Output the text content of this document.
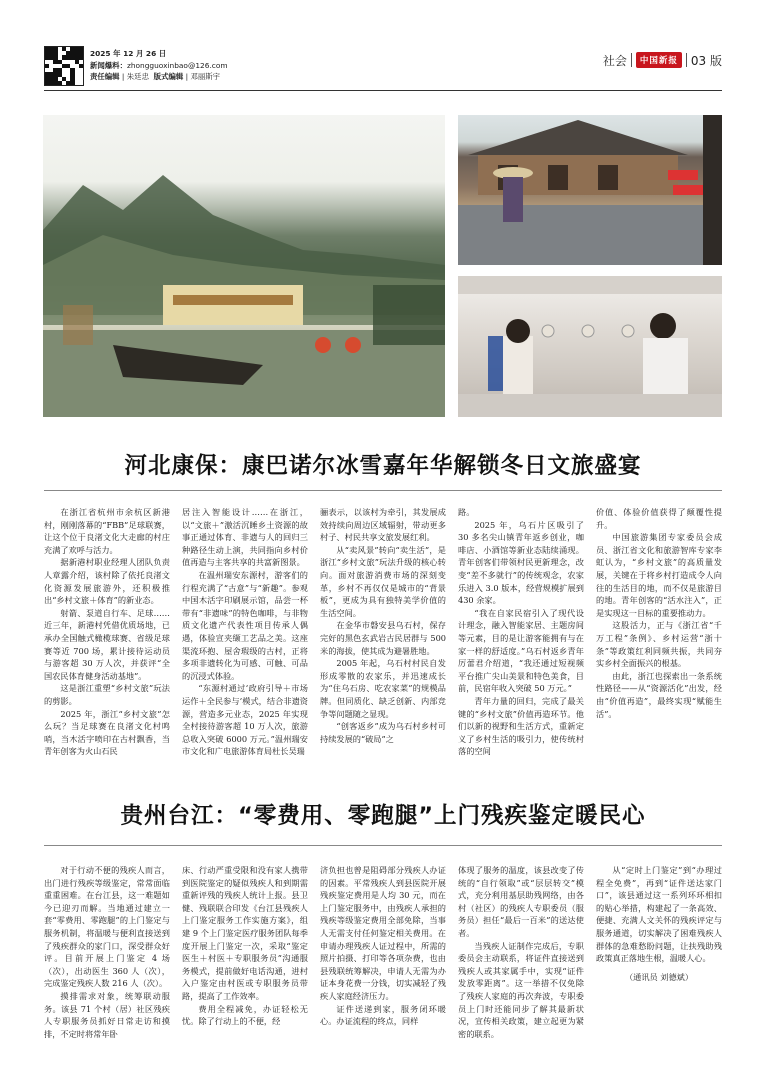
2025 年 12 月 26 日
新闻爆料：zhongguoxinbao@126.com
责任编辑 | 朱廷忠 版式编辑 | 邓丽斯宇
社会	中国新报	03 版
河北康保：康巴诺尔冰雪嘉年华解锁冬日文旅盛宴

在浙江省杭州市余杭区新港村，刚刚落幕的“FBB”足球联赛，让这个位于良渚文化大走廊的村庄充满了欢呼与活力。

据新港村职业经理人团队负责人章露介绍，该村除了依托良渚文化资源发展旅游外，还积极推出“乡村文旅＋体育”的新业态。

射箭、泵道自行车、足球……近三年，新港村凭借优质场地，已承办全国触式橄榄球赛、省级足球赛等近 700 场，累计接待运动员与游客超 30 万人次，并获评“全国农民体育健身活动基地”。

这是浙江重塑“乡村文旅”玩法的剪影。

2025 年，浙江“乡村文旅”怎么玩？当足球赛在良渚文化村鸣哨，当木活字喷印在古村飘香，当青年创客为火山石民

居注入智能设计……在浙江，以“文旅＋”激活沉睡乡土资源的故事正通过体育、非遗与人的回归三种路径生动上演，共同指向乡村价值再造与主客共享的共富新图景。

在温州瑞安东源村，游客们的行程充满了“古意”与“新趣”。参观中国木活字印刷展示馆，品尝一杯带有“非遗味”的特色咖啡，与非物质文化遗产代表性项目传承人偶遇，体验宣夹缬工艺品之美。这座渠流环抱、屋舍瑕级的古村，正将多项非遗转化为可感、可触、可品的沉浸式体验。

“东源村通过‘政府引导＋市场运作＋全民参与’模式，结合非遗资源，营造多元业态，2025 年实现全村接待游客超 10 万人次，旅游总收入突破 6000 万元。”温州瑞安市文化和广电旅游体育局杜长吴瑞

骊表示，以该村为牵引，其发展成效持续向周边区域辐射，带动更多村子、村民共享文旅发展红利。

从“卖风景”转向“卖生活”，是浙江“乡村文旅”玩法升级的核心转向。面对旅游消费市场的深刻变革，乡村不再仅仅是城市的“背景板”，更成为具有独特美学价值的生活空间。

在金华市磐安县乌石村，保存完好的黑色玄武岩古民居群与 500 米的海拔，使其成为避暑胜地。

2005 年起，乌石村村民自发形成零散的农家乐，并迅速成长为“住乌石房、吃农家菜”的规模品牌。但同质化、缺乏创新、内部竞争等问题随之显现。

“创客返乡”成为乌石村乡村可持续发展的“破局”之

路。

2025 年，乌石片区吸引了 30 多名尖山镇青年返乡创业，咖啡店、小酒馆等新业态陆续涌现。青年创客们带领村民更新理念，改变“差不多就行”的传统观念，农家乐进入 3.0 版本，经营规模扩展到 430 余家。

“我在自家民宿引入了现代设计理念，融入智能家居、主题房间等元素，目的是让游客能拥有与在家一样的舒适度。”乌石村返乡青年厉蕾君介绍道，“我还通过短视频平台推广尖山美景和特色美食，目前，民宿年收入突破 50 万元。”

青年力量的回归，完成了最关键的“乡村文旅”价值再造环节。他们以新的视野和生活方式，重新定义了乡村生活的吸引力，使传统村落的空间

价值、体验价值获得了颠覆性提升。

中国旅游集团专家委员会成员、浙江省文化和旅游智库专家李虹认为，“乡村文旅”的高质量发展，关键在于将乡村打造成令人向往的生活目的地，而不仅是旅游目的地。青年创客的“活水注入”，正是实现这一目标的重要推动力。

这股活力，正与《浙江省“千万工程”条例》、乡村运营“浙十条”等政策红利同频共振，共同夯实乡村全面振兴的根基。

由此，浙江也探索出一条系统性路径——从“资源活化”出发，经由“价值再造”，最终实现“赋能生活”。

贵州台江：“零费用、零跑腿”上门残疾鉴定暖民心

对于行动不便的残疾人而言，出门进行残疾等级鉴定，常常面临重重困难。在台江县，这一难题如今已迎刃而解。当地通过建立一套“零费用、零跑腿”的上门鉴定与服务机制，将温暖与便利直接送到了残疾群众的家门口，深受群众好评。目前开展上门鉴定 4 场（次），出动医生 360 人（次），完成鉴定残疾人数 216 人（次）。

摸排需求对象，统筹联动服务。该县 71 个村（居）社区残疾人专职服务员抓好日常走访和摸排，不定时将常年卧

床、行动严重受限和没有家人携带到医院鉴定的疑似残疾人和到期需重新评残的残疾人统计上报。县卫健、残联联合印发《台江县残疾人上门鉴定服务工作实施方案》，组建 9 个上门鉴定医疗服务团队每季度开展上门鉴定一次，采取“鉴定医生＋村医＋专职服务员”沟通服务模式，提前做好电话沟通，进村入户鉴定由村医或专职服务员带路，提高了工作效率。

费用全程减免，办证轻松无忧。除了行动上的不便，经

济负担也曾是阻碍部分残疾人办证的因素。平常残疾人到县医院开展残疾鉴定费用是人均 30 元，而在上门鉴定服务中，由残疾人承担的残疾等级鉴定费用全部免除，当事人无需支付任何鉴定相关费用。在申请办理残疾人证过程中，所需的照片拍摄、打印等各项杂费，也由县残联统筹解决，申请人无需为办证本身花费一分钱，切实减轻了残疾人家庭经济压力。

证件送递到家，服务闭环暖心。办证流程的终点，同样

体现了服务的温度，该县改变了传统的“自行领取”或“层层转交”模式，充分利用基层助残网络，由各村（社区）的残疾人专职委员（服务员）担任“最后一百米”的送达使者。

当残疾人证制作完成后，专职委员会主动联系，将证件直接送到残疾人或其家属手中，实现“证件发放零距离”。这一举措不仅免除了残疾人家庭的再次奔波，专职委员上门时还能同步了解其最新状况，宣传相关政策，建立起更为紧密的联系。

从“定时上门鉴定”到“办理过程全免费”，再到“证件送达家门口”，该县通过这一系列环环相扣的贴心举措，构建起了一条高效、便捷、充满人文关怀的残疾评定与服务通道，切实解决了困难残疾人群体的急难愁盼问题，让扶残助残政策真正落地生根，温暖人心。

（通讯员 刘德斌）
